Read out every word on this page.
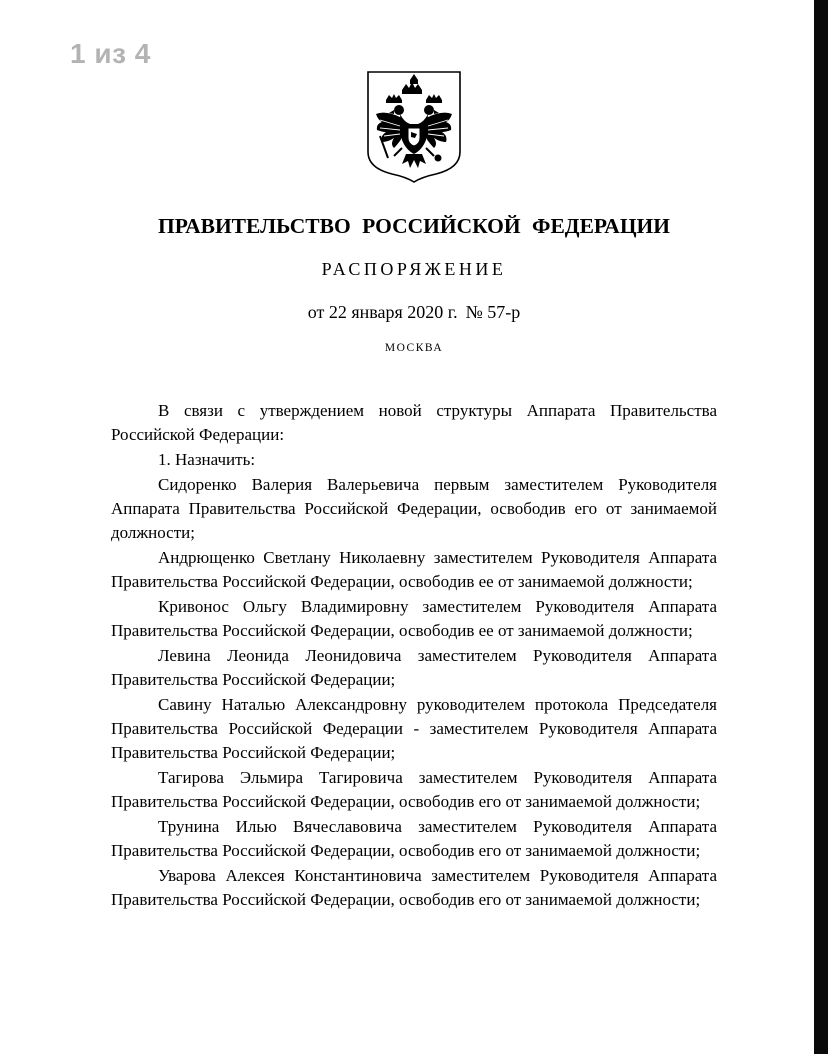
1 из 4
ПРАВИТЕЛЬСТВО РОССИЙСКОЙ ФЕДЕРАЦИИ
РАСПОРЯЖЕНИЕ
от 22 января 2020 г. № 57-р
МОСКВА

В связи с утверждением новой структуры Аппарата Правительства Российской Федерации:

1. Назначить:

Сидоренко Валерия Валерьевича первым заместителем Руководителя Аппарата Правительства Российской Федерации, освободив его от занимаемой должности;

Андрющенко Светлану Николаевну заместителем Руководителя Аппарата Правительства Российской Федерации, освободив ее от занимаемой должности;

Кривонос Ольгу Владимировну заместителем Руководителя Аппарата Правительства Российской Федерации, освободив ее от занимаемой должности;

Левина Леонида Леонидовича заместителем Руководителя Аппарата Правительства Российской Федерации;

Савину Наталью Александровну руководителем протокола Председателя Правительства Российской Федерации - заместителем Руководителя Аппарата Правительства Российской Федерации;

Тагирова Эльмира Тагировича заместителем Руководителя Аппарата Правительства Российской Федерации, освободив его от занимаемой должности;

Трунина Илью Вячеславовича заместителем Руководителя Аппарата Правительства Российской Федерации, освободив его от занимаемой должности;

Уварова Алексея Константиновича заместителем Руководителя Аппарата Правительства Российской Федерации, освободив его от занимаемой должности;
